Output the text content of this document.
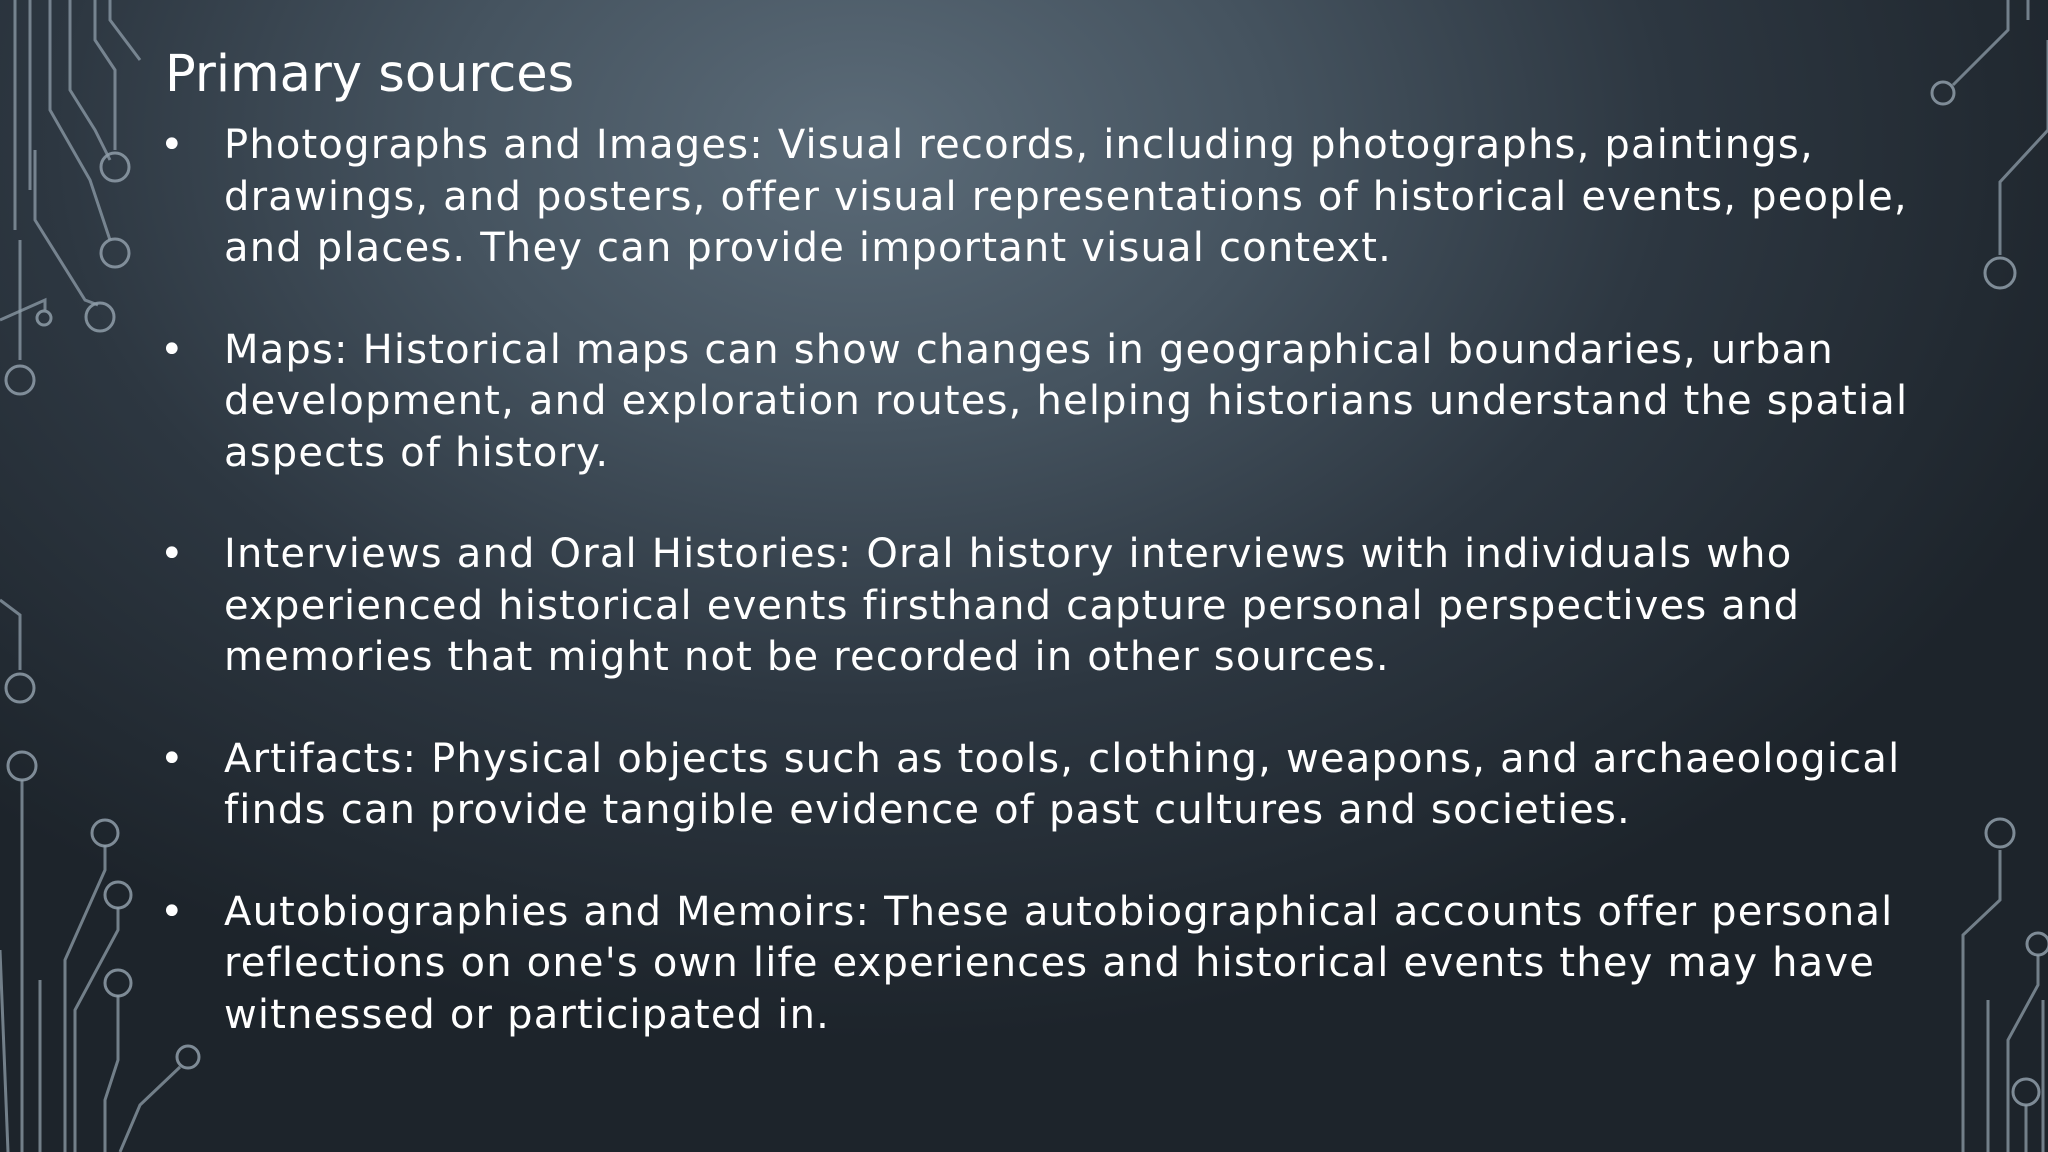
Primary sources
• Photographs and Images: Visual records, including photographs, paintings, drawings, and posters, offer visual representations of historical events, people, and places. They can provide important visual context.
• Maps: Historical maps can show changes in geographical boundaries, urban development, and exploration routes, helping historians understand the spatial aspects of history.
• Interviews and Oral Histories: Oral history interviews with individuals who experienced historical events firsthand capture personal perspectives and memories that might not be recorded in other sources.
• Artifacts: Physical objects such as tools, clothing, weapons, and archaeological finds can provide tangible evidence of past cultures and societies.
• Autobiographies and Memoirs: These autobiographical accounts offer personal reflections on one's own life experiences and historical events they may have witnessed or participated in.
